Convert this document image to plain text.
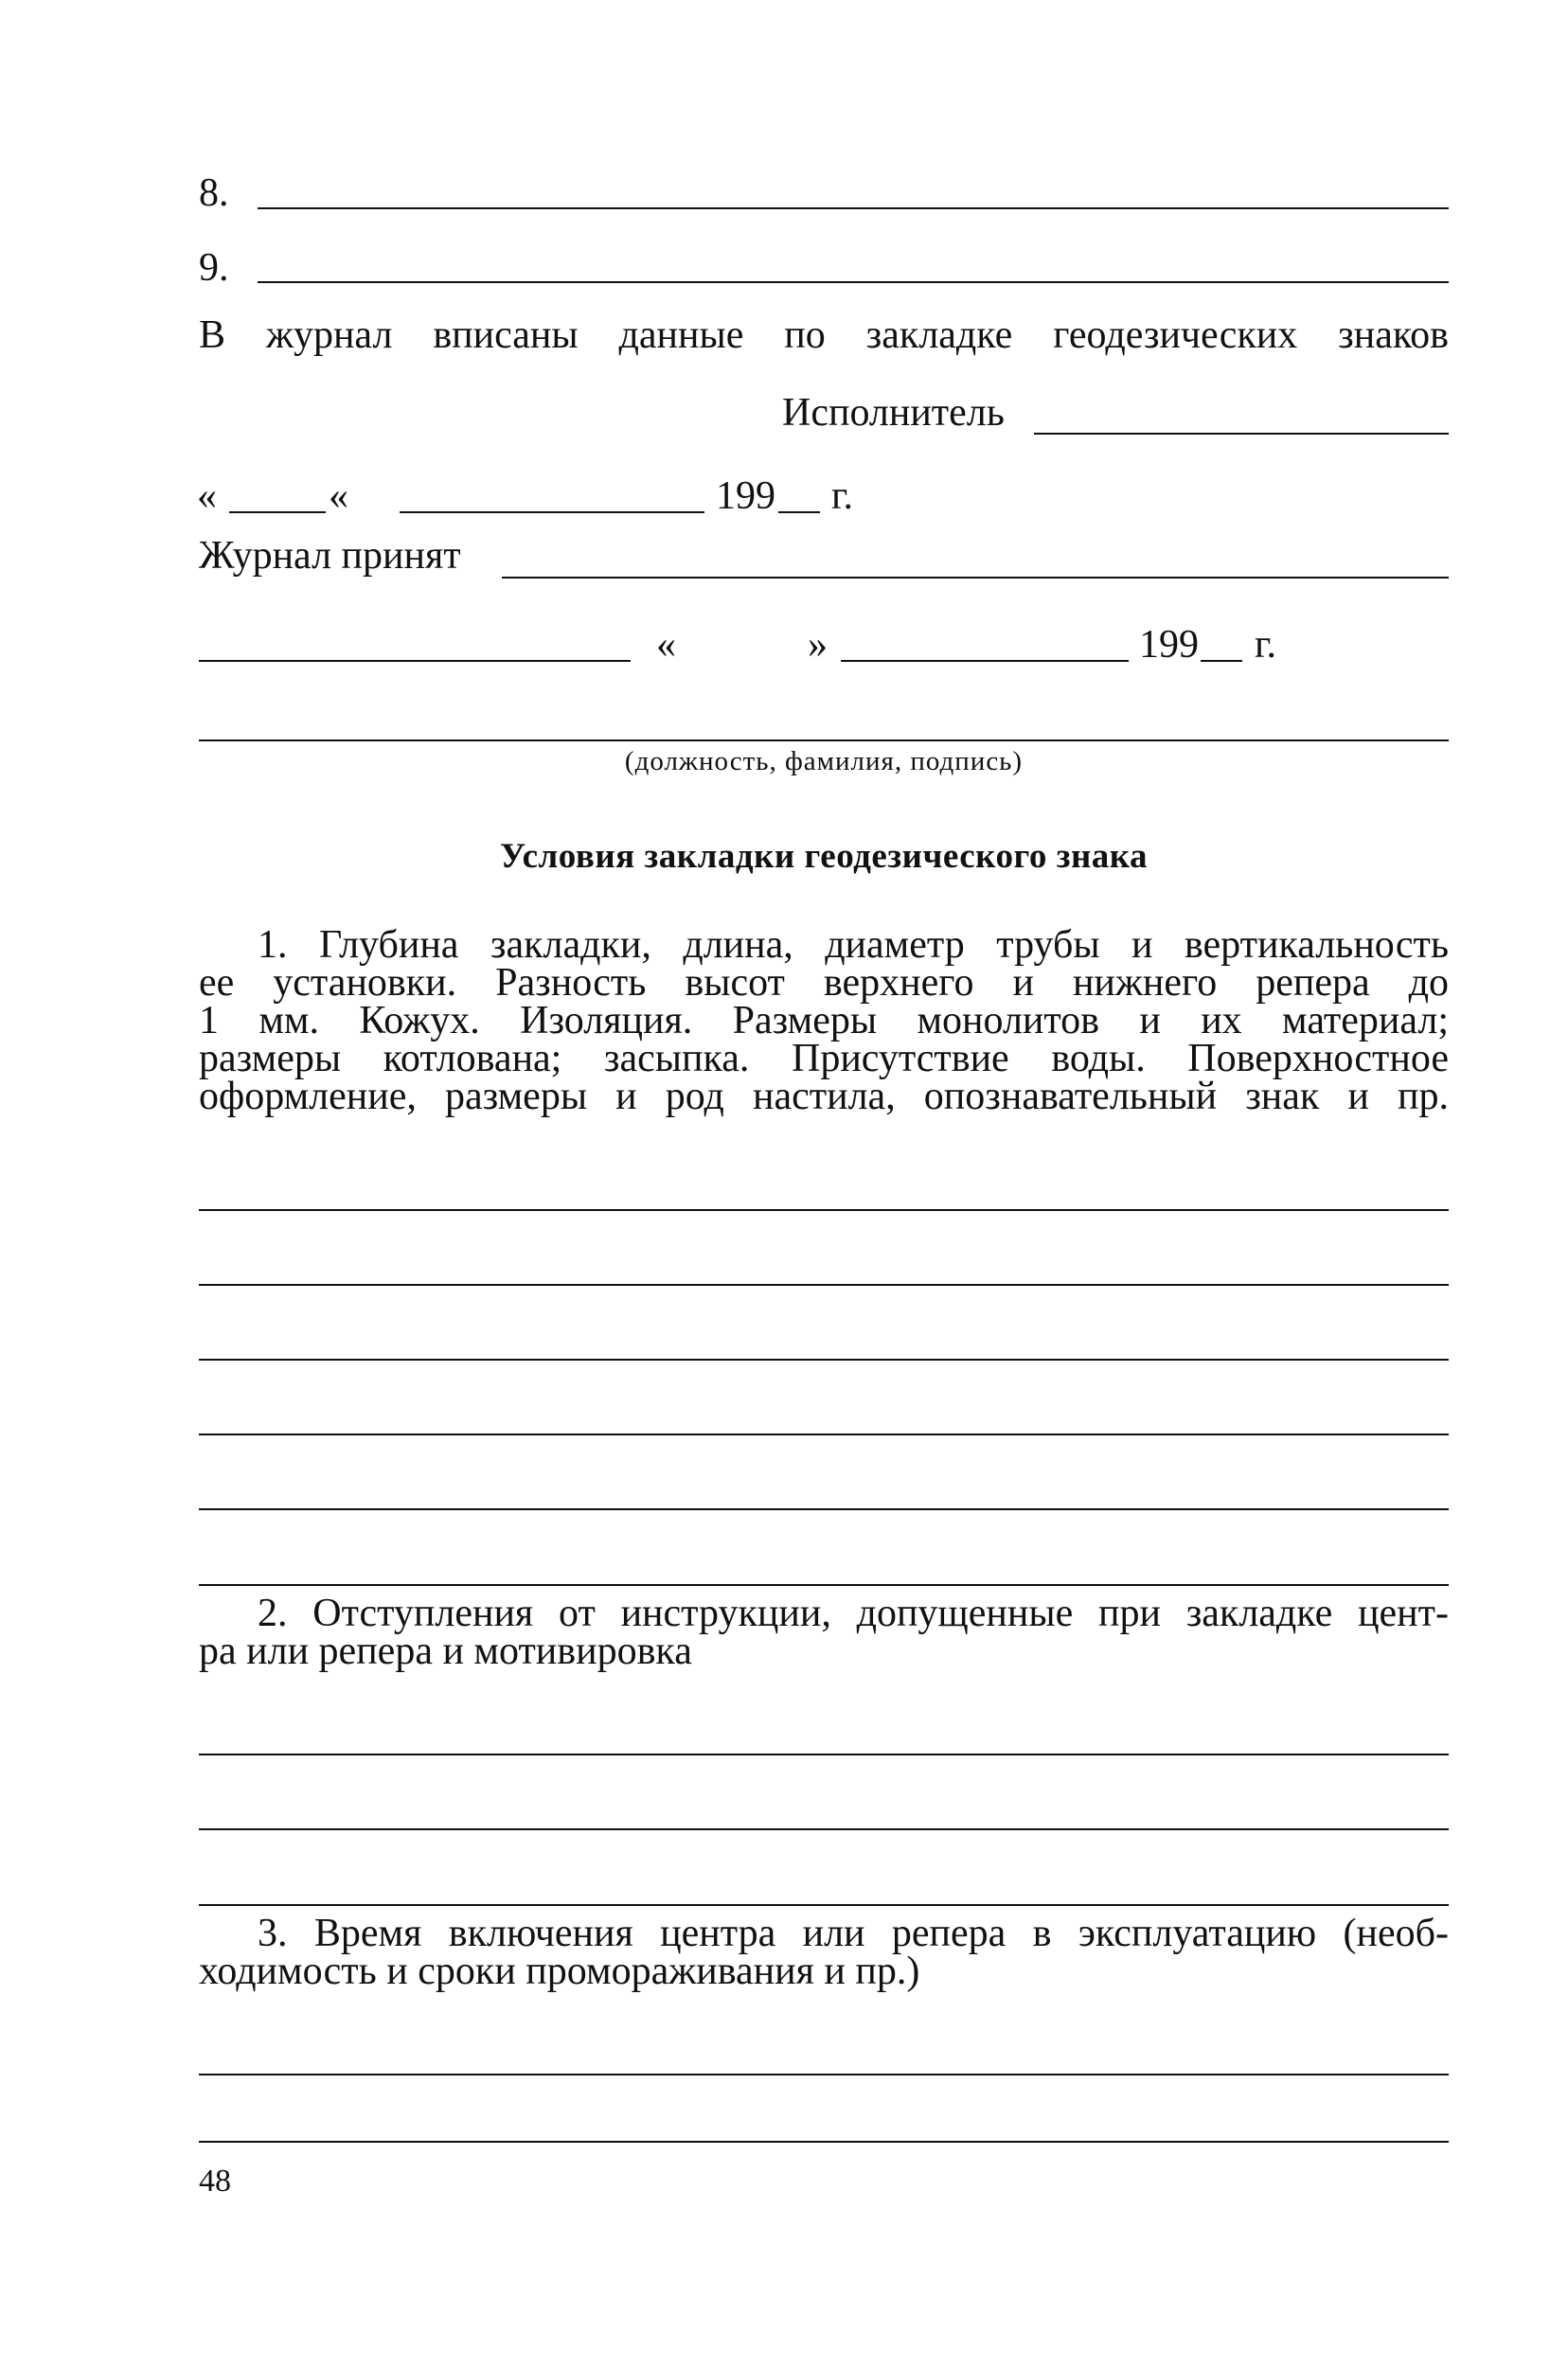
8.
9.
В журнал вписаны данные по закладке геодезических знаков
Исполнитель
«	«	199 г.
Журнал принят
«	»	199 г.
(должность, фамилия, подпись)
Условия закладки геодезического знака
1. Глубина закладки, длина, диаметр трубы и вертикальность
ее установки. Разность высот верхнего и нижнего репера до
1 мм. Кожух. Изоляция. Размеры монолитов и их материал;
размеры котлована; засыпка. Присутствие воды. Поверхностное
оформление, размеры и род настила, опознавательный знак и пр.
2. Отступления от инструкции, допущенные при закладке цент-
ра или репера и мотивировка
3. Время включения центра или репера в эксплуатацию (необ-
ходимость и сроки промораживания и пр.)
48
